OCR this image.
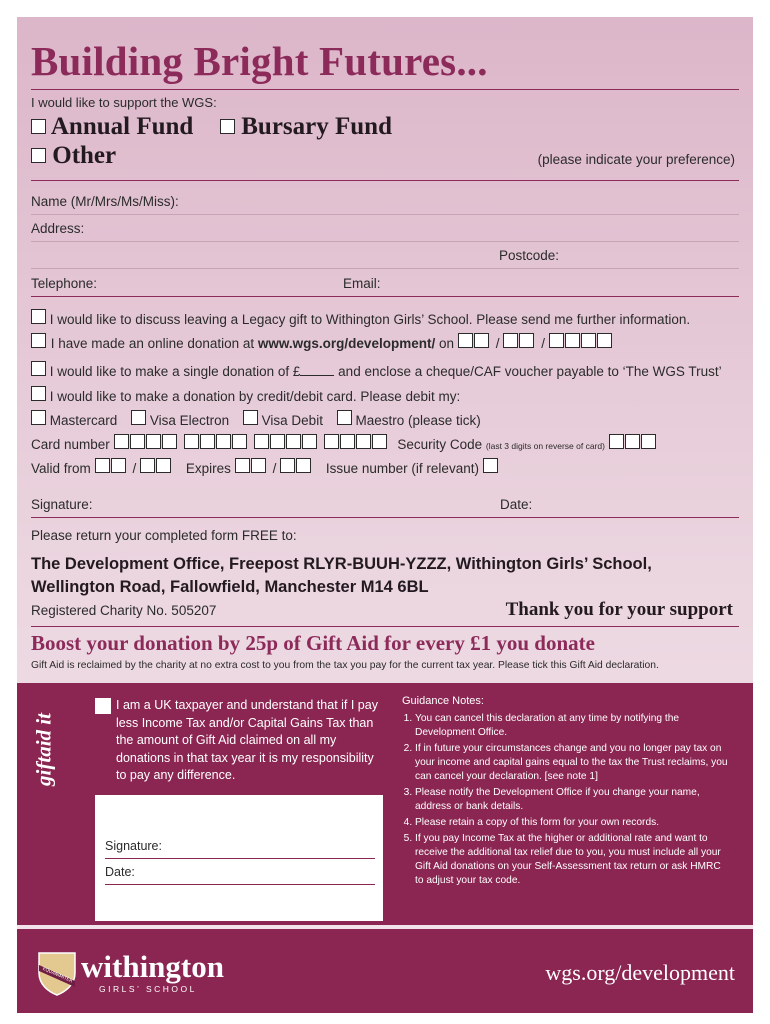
Building Bright Futures...
I would like to support the WGS:
Annual Fund	Bursary Fund
Other	(please indicate your preference)
Name (Mr/Mrs/Ms/Miss):
Address:
Postcode:
Telephone:	Email:
I would like to discuss leaving a Legacy gift to Withington Girls’ School. Please send me further information.
I have made an online donation at www.wgs.org/development/ on	/	/
I would like to make a single donation of £	and enclose a cheque/CAF voucher payable to ‘The WGS Trust’
I would like to make a donation by credit/debit card. Please debit my:
Mastercard Visa Electron Visa Debit Maestro (please tick)
Card number	Security Code (last 3 digits on reverse of card)
Valid from	/	Expires	/	Issue number (if relevant)
Signature:	Date:
Please return your completed form FREE to:
The Development Office, Freepost RLYR-BUUH-YZZZ, Withington Girls’ School,
Wellington Road, Fallowfield, Manchester M14 6BL
Registered Charity No. 505207	Thank you for your support
Boost your donation by 25p of Gift Aid for every £1 you donate
Gift Aid is reclaimed by the charity at no extra cost to you from the tax you pay for the current tax year. Please tick this Gift Aid declaration.
giftaid it
I am a UK taxpayer and understand that if I pay less Income Tax and/or Capital Gains Tax than the amount of Gift Aid claimed on all my donations in that tax year it is my responsibility to pay any difference.
Signature:
Date:
Guidance Notes:
1. You can cancel this declaration at any time by notifying the Development Office.
2. If in future your circumstances change and you no longer pay tax on your income and capital gains equal to the tax the Trust reclaims, you can cancel your declaration. [see note 1]
3. Please notify the Development Office if you change your name, address or bank details.
4. Please retain a copy of this form for your own records.
5. If you pay Income Tax at the higher or additional rate and want to receive the additional tax relief due to you, you must include all your Gift Aid donations on your Self-Assessment tax return or ask HMRC to adjust your tax code.
EQUANIMITER withington
GIRLS’ SCHOOL
wgs.org/development
